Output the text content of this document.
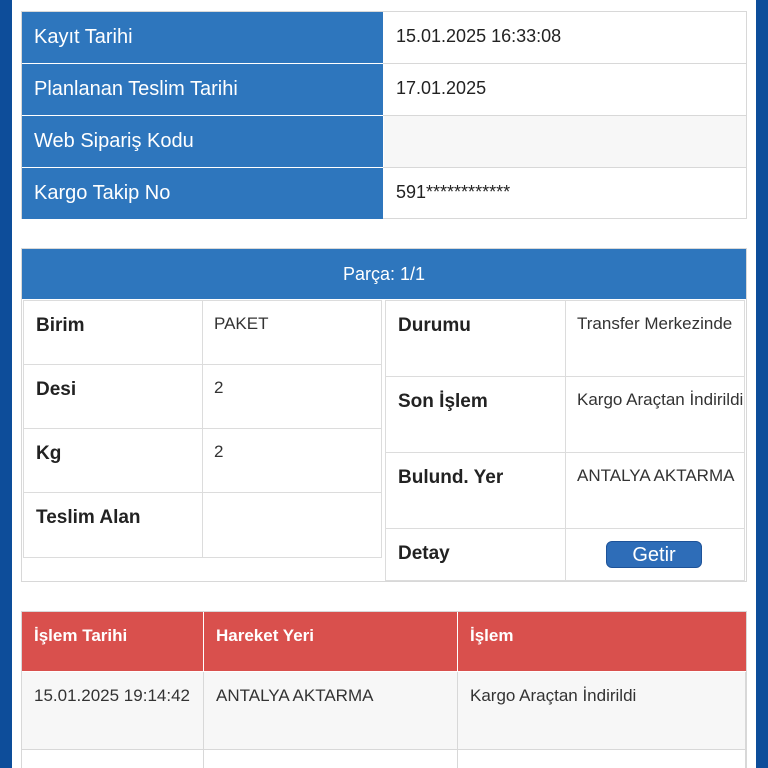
Kayıt Tarihi	15.01.2025 16:33:08
Planlanan Teslim Tarihi	17.01.2025
Web Sipariş Kodu
Kargo Takip No	591************
Parça: 1/1
Birim	PAKET
Desi	2
Kg	2
Teslim Alan
Durumu	Transfer Merkezinde
Son İşlem	Kargo Araçtan İndirildi
Bulund. Yer	ANTALYA AKTARMA
Detay	Getir
İşlem Tarihi	Hareket Yeri	İşlem
15.01.2025 19:14:42	ANTALYA AKTARMA	Kargo Araçtan İndirildi
